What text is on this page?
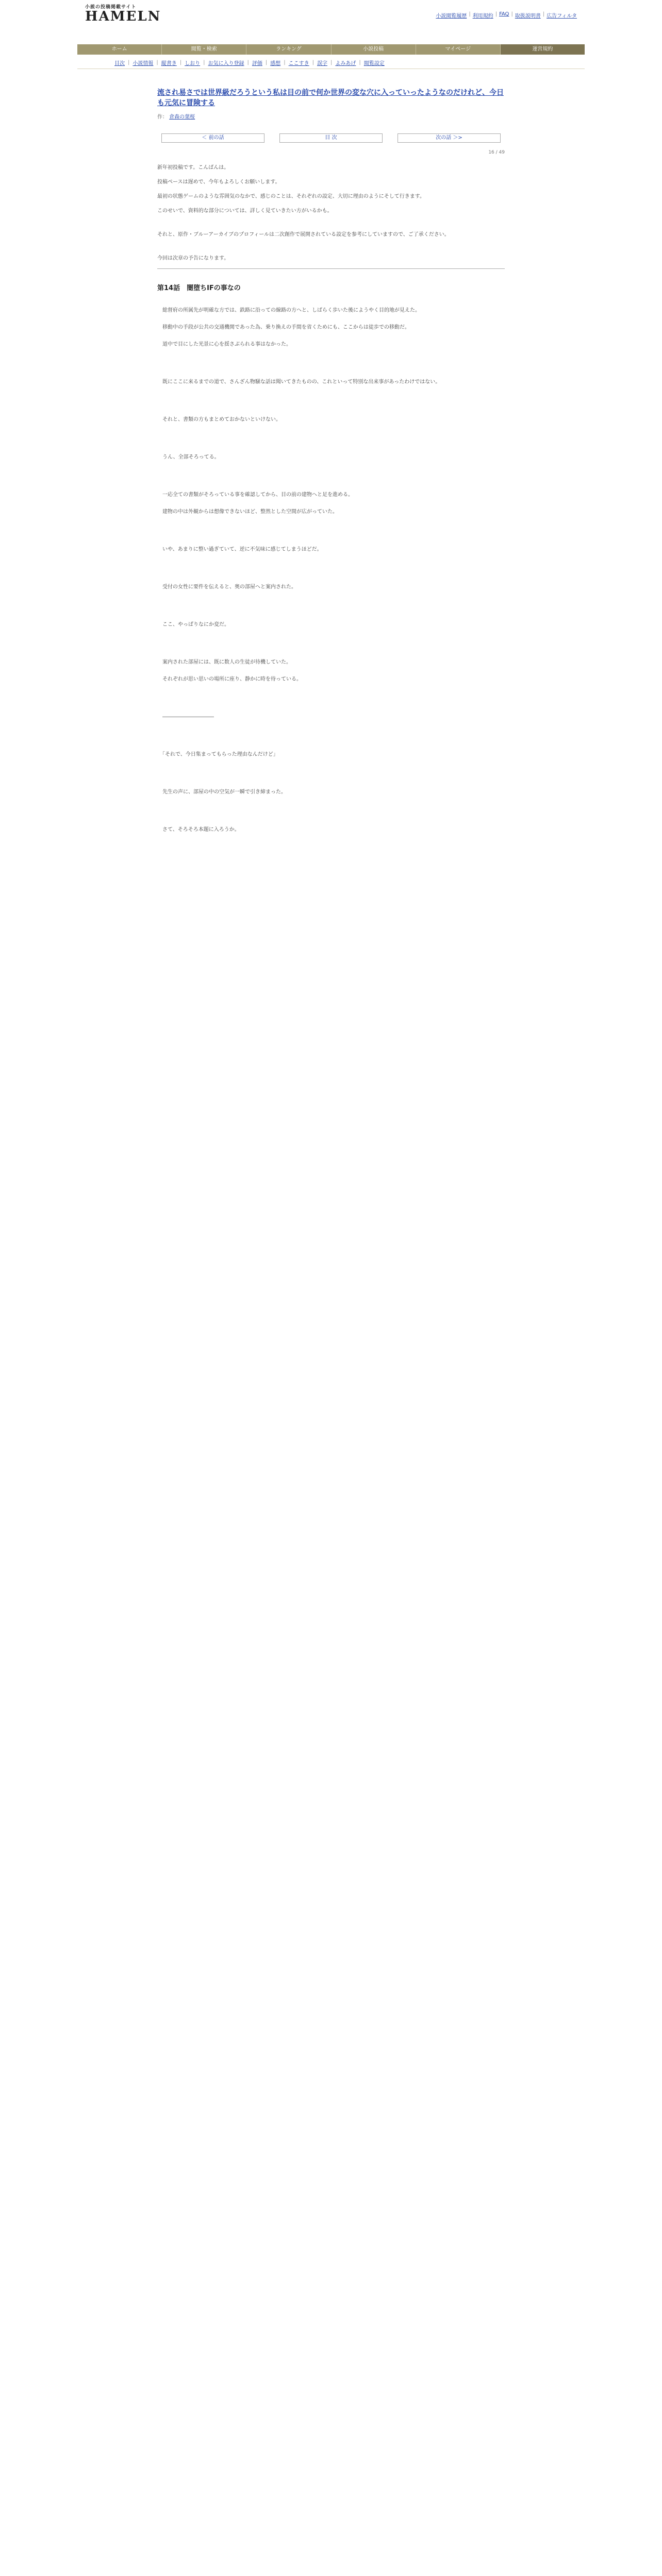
小説の投稿掲載サイト
HAMELN	小説閲覧履歴 | 利用規約 | FAQ | 取扱説明書 | 広告フィルタ
ホーム	閲覧・検索	ランキング	小説投稿	マイページ	運営規約
目次 | 小説情報 | 縦書き | しおり | お気に入り登録 | 評価 | 感想 | ここすき | 誤字 | よみあげ | 閲覧設定
流され易さでは世界級だろうという私は目の前で何か世界の変な穴に入っていったようなのだけれど、今日も元気に冒険する
作： 倉森の葉桜
＜ 前の話	目 次	次の話 ＞>
16 / 49

新年初投稿です。こんばんは。

投稿ペースは遅めで、今年もよろしくお願いします。

最初の状態ゲームのような雰囲気のなかで、感じのことは、それぞれの設定、大切に理由のようにそして行きます。

このせいで、資料的な部分については、詳しく見ていきたい方がいるかも。

それと、原作・ブルーアーカイブのプロフィールは二次創作で展開されている設定を参考にしていますので、ご了承ください。

今回は次章の予告になります。

第14話　闇堕ちIFの事なの

　総督府の所属先が明確な方では、鉄路に沿っての線路の方へと、しばらく歩いた後にようやく目的地が見えた。

　移動中の手段が公共の交通機関であった為、乗り換えの手間を省くためにも、ここからは徒歩での移動だ。

　道中で目にした光景に心を揺さぶられる事はなかった。

　既にここに来るまでの道で、さんざん物騒な話は聞いてきたものの、これといって特別な出来事があったわけではない。

　それと、書類の方もまとめておかないといけない。

　うん、全部そろってる。

　一応全ての書類がそろっている事を確認してから、目の前の建物へと足を進める。

　建物の中は外観からは想像できないほど、整然とした空間が広がっていた。

　いや、あまりに整い過ぎていて、逆に不気味に感じてしまうほどだ。

　受付の女性に要件を伝えると、奥の部屋へと案内された。

　ここ、やっぱりなにか変だ。

　案内された部屋には、既に数人の生徒が待機していた。

　それぞれが思い思いの場所に座り、静かに時を待っている。

　――――――――――

　「それで、今日集まってもらった理由なんだけど」

　先生の声に、部屋の中の空気が一瞬で引き締まった。

　さて、そろそろ本題に入ろうか。
